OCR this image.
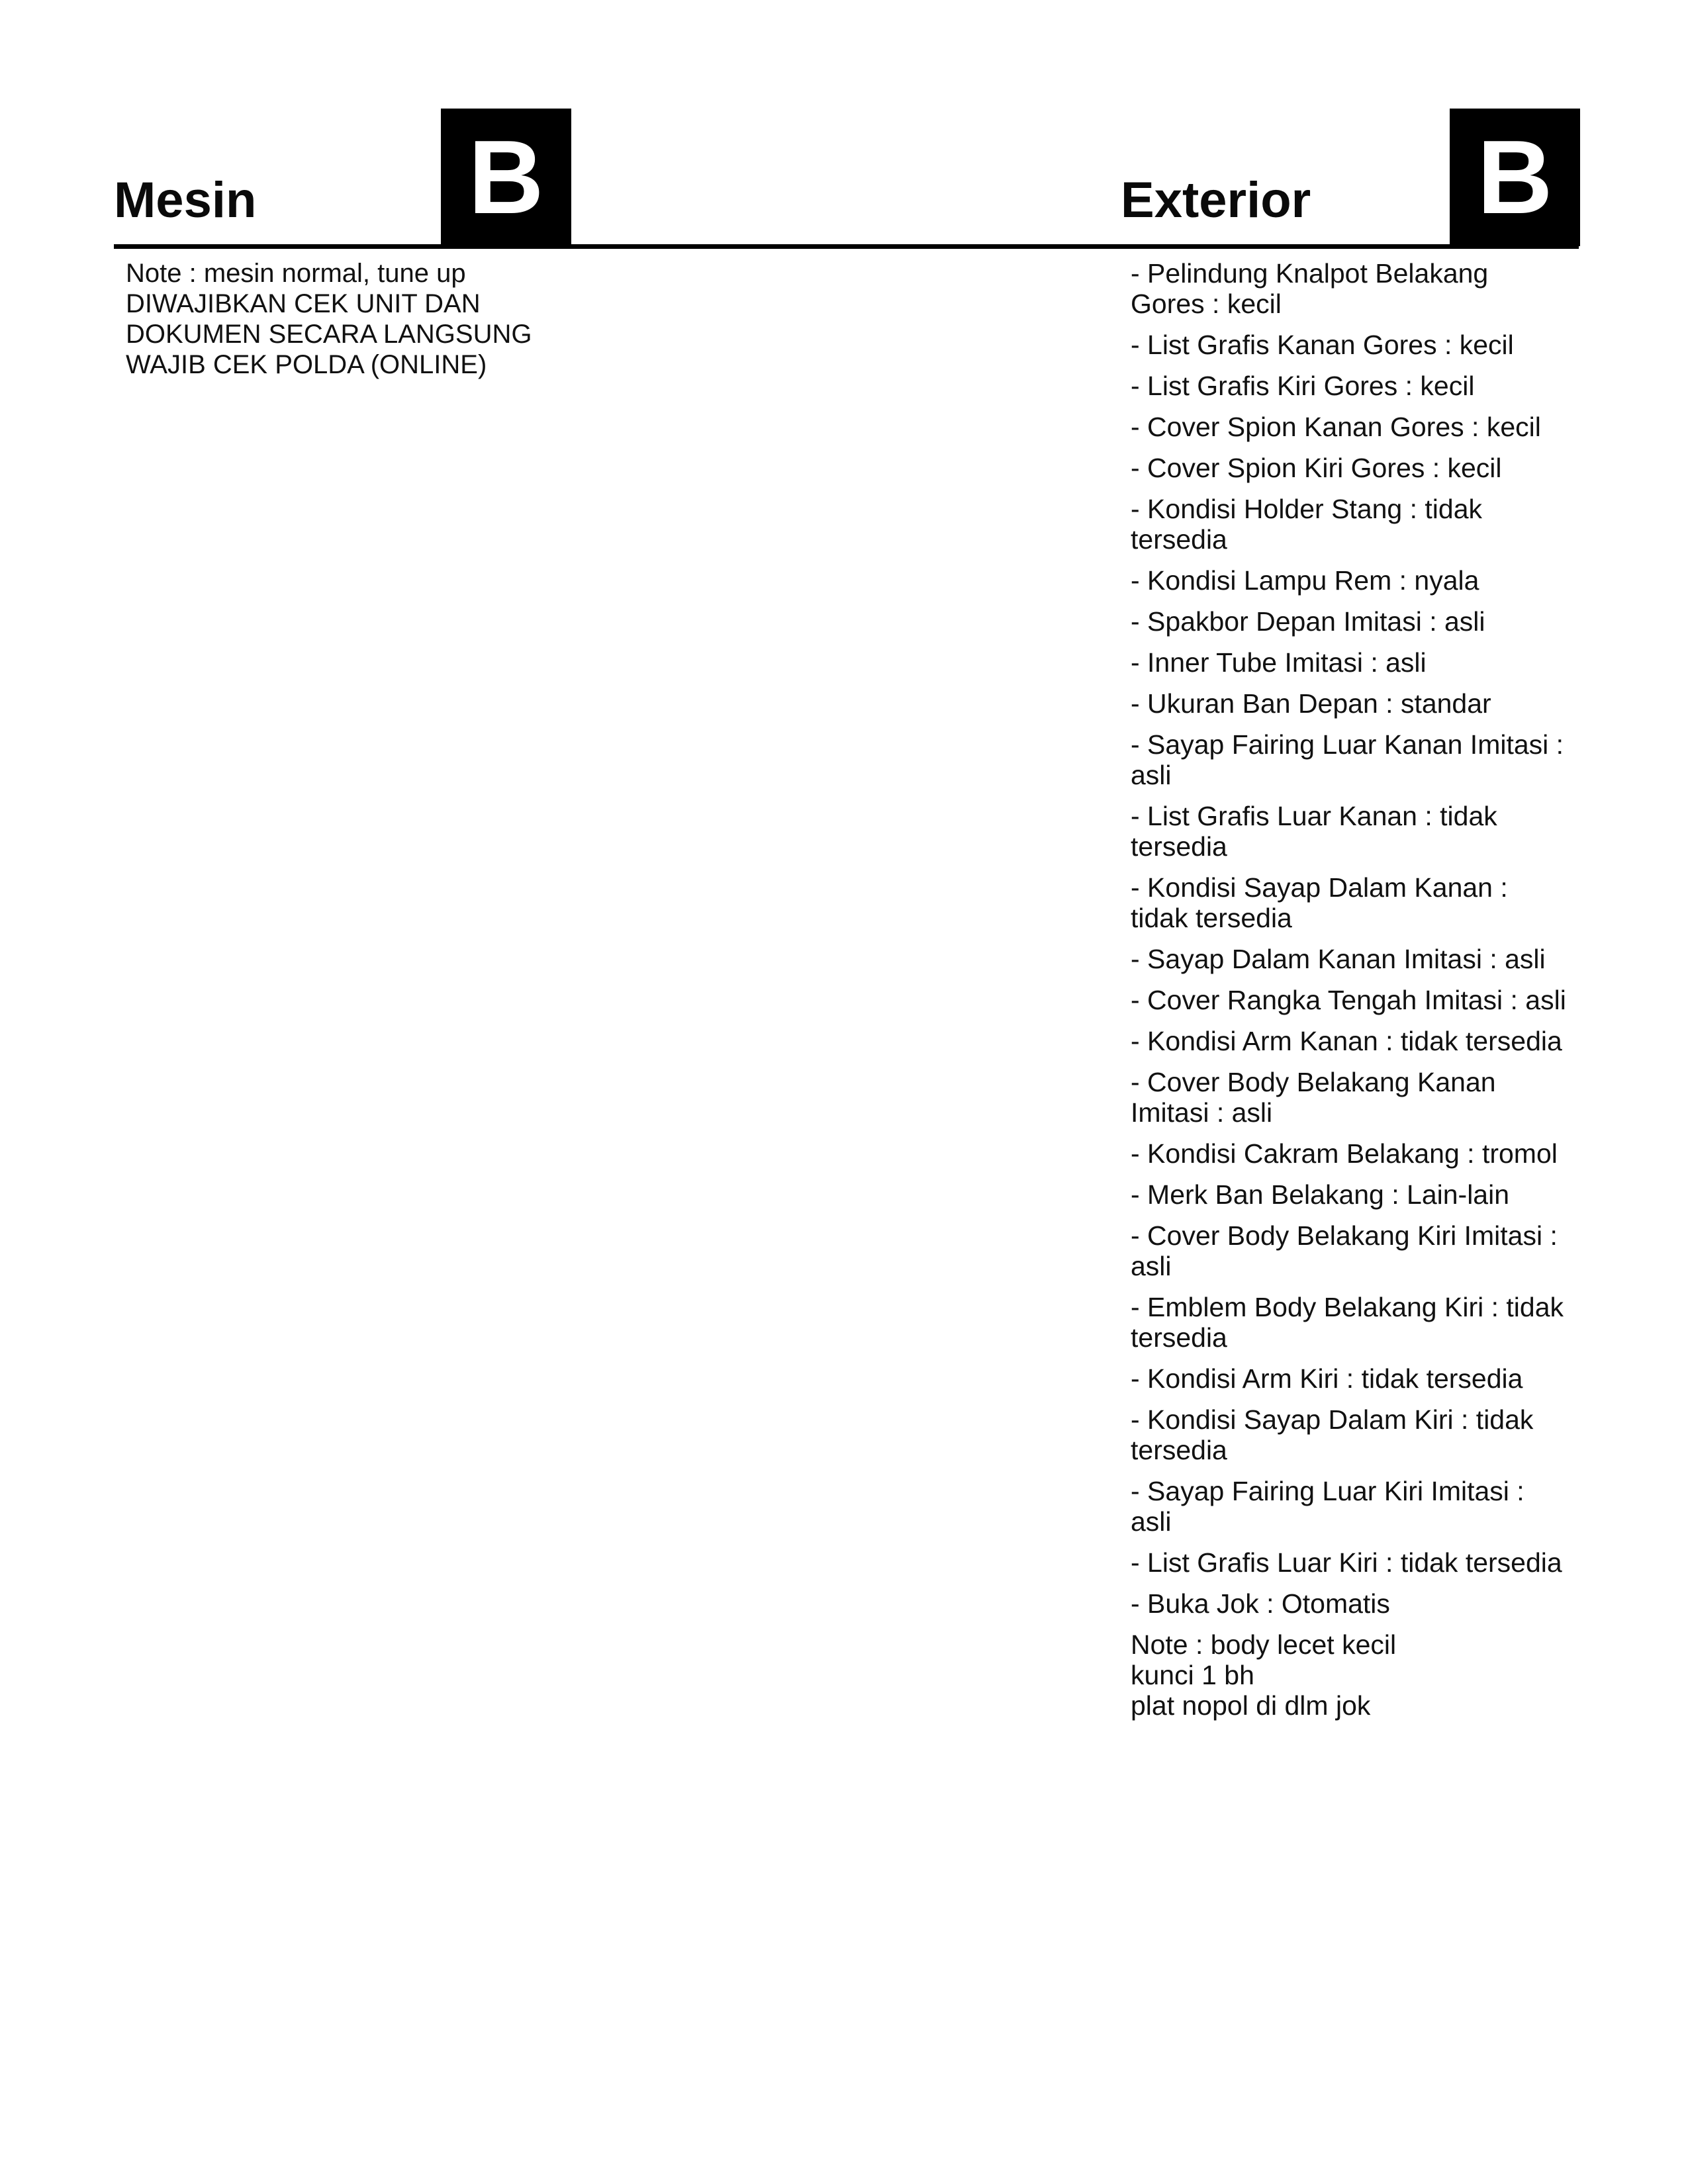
Mesin B	Exterior B
Note : mesin normal, tune up
DIWAJIBKAN CEK UNIT DAN
DOKUMEN SECARA LANGSUNG
WAJIB CEK POLDA (ONLINE)
- Pelindung Knalpot Belakang Gores : kecil
- List Grafis Kanan Gores : kecil
- List Grafis Kiri Gores : kecil
- Cover Spion Kanan Gores : kecil
- Cover Spion Kiri Gores : kecil
- Kondisi Holder Stang : tidak tersedia
- Kondisi Lampu Rem : nyala
- Spakbor Depan Imitasi : asli
- Inner Tube Imitasi : asli
- Ukuran Ban Depan : standar
- Sayap Fairing Luar Kanan Imitasi : asli
- List Grafis Luar Kanan : tidak tersedia
- Kondisi Sayap Dalam Kanan : tidak tersedia
- Sayap Dalam Kanan Imitasi : asli
- Cover Rangka Tengah Imitasi : asli
- Kondisi Arm Kanan : tidak tersedia
- Cover Body Belakang Kanan Imitasi : asli
- Kondisi Cakram Belakang : tromol
- Merk Ban Belakang : Lain-lain
- Cover Body Belakang Kiri Imitasi : asli
- Emblem Body Belakang Kiri : tidak tersedia
- Kondisi Arm Kiri : tidak tersedia
- Kondisi Sayap Dalam Kiri : tidak tersedia
- Sayap Fairing Luar Kiri Imitasi : asli
- List Grafis Luar Kiri : tidak tersedia
- Buka Jok : Otomatis
Note : body lecet kecil
kunci 1 bh
plat nopol di dlm jok
